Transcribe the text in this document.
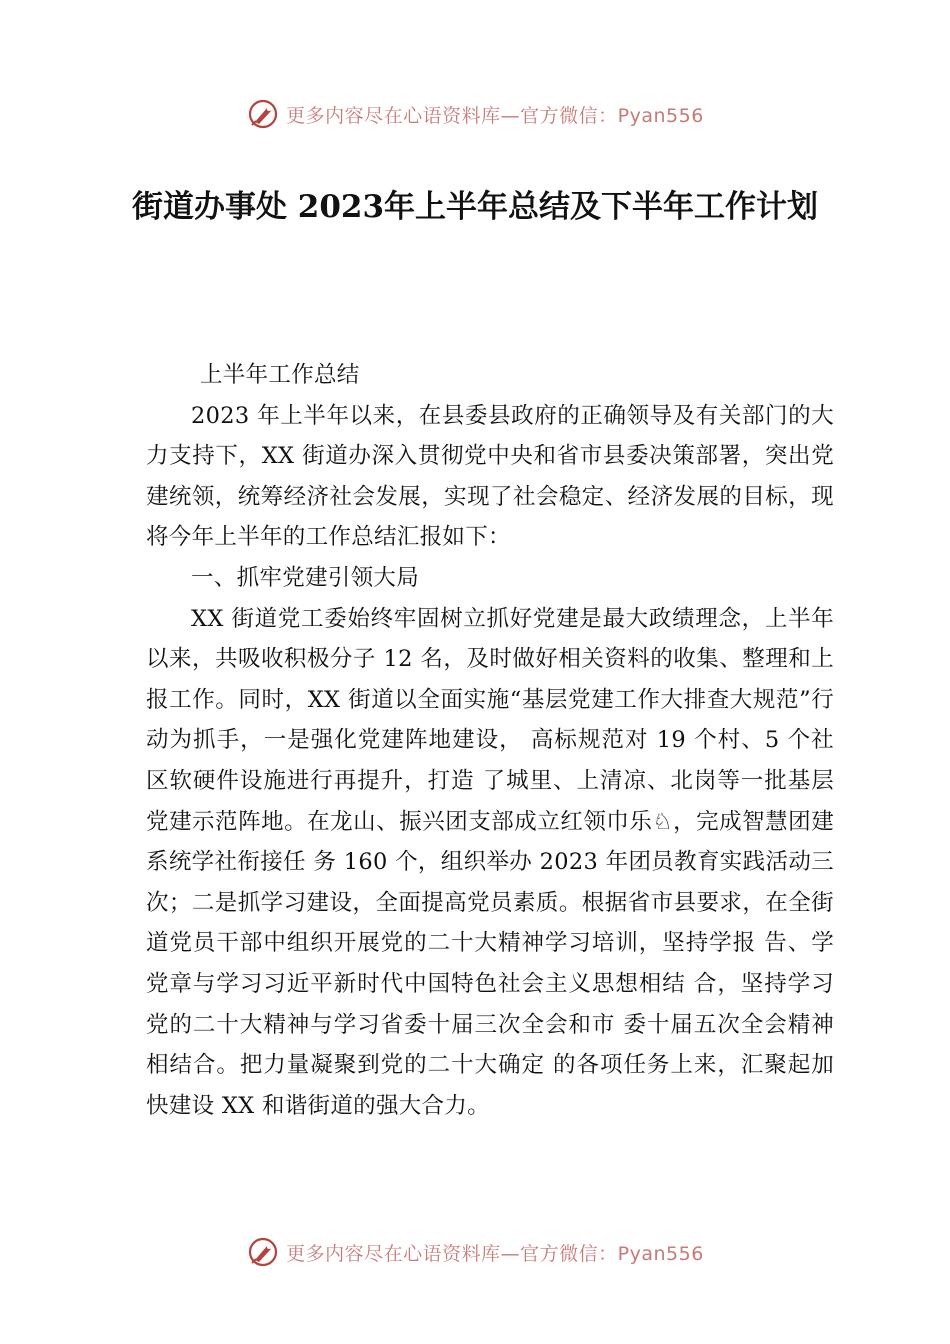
更多内容尽在心语资料库—官方微信：Pyan556
街道办事处 2023年上半年总结及下半年工作计划

上半年工作总结

2023 年上半年以来，在县委县政府的正确领导及有关部门的大力支持下，XX 街道办深入贯彻党中央和省市县委决策部署，突出党建统领，统筹经济社会发展，实现了社会稳定、经济发展的目标，现将今年上半年的工作总结汇报如下：

一、抓牢党建引领大局

XX 街道党工委始终牢固树立抓好党建是最大政绩理念，上半年以来，共吸收积极分子 12 名，及时做好相关资料的收集、整理和上报工作。同时，XX 街道以全面实施“基层党建工作大排查大规范”行动为抓手，一是强化党建阵地建设， 高标规范对 19 个村、5 个社区软硬件设施进行再提升，打造 了城里、上清凉、北岗等一批基层党建示范阵地。在龙山、振兴团支部成立红领巾乐♘，完成智慧团建系统学社衔接任 务 160 个，组织举办 2023 年团员教育实践活动三次；二是抓学习建设，全面提高党员素质。根据省市县要求，在全街 道党员干部中组织开展党的二十大精神学习培训，坚持学报 告、学党章与学习习近平新时代中国特色社会主义思想相结 合，坚持学习党的二十大精神与学习省委十届三次全会和市 委十届五次全会精神相结合。把力量凝聚到党的二十大确定 的各项任务上来，汇聚起加快建设 XX 和谐街道的强大合力。

更多内容尽在心语资料库—官方微信：Pyan556
